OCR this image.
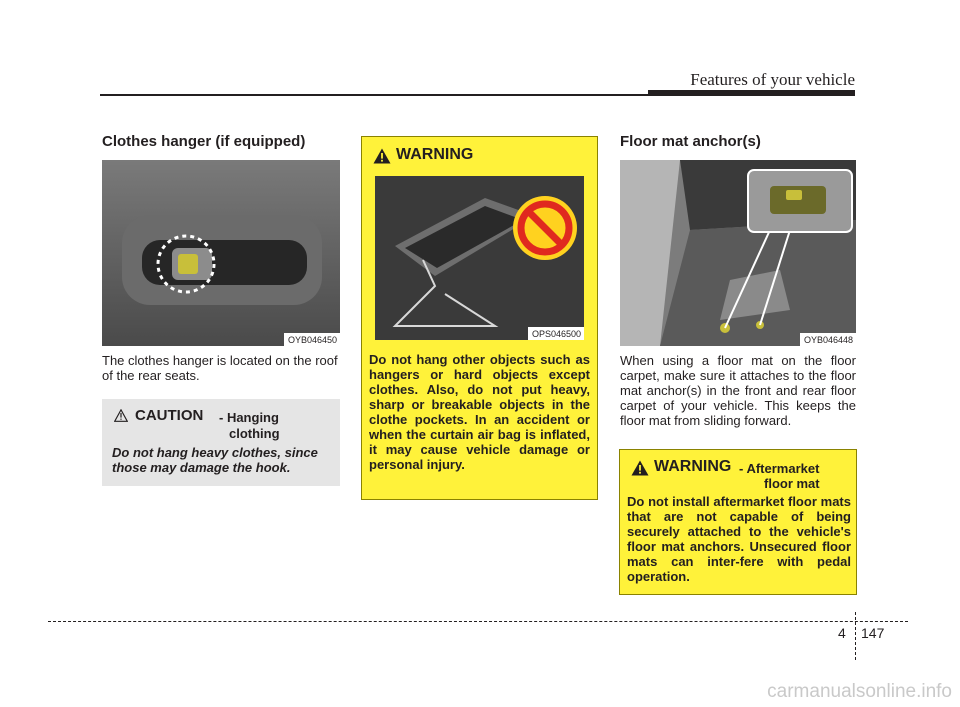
Features of your vehicle
Clothes hanger (if equipped)
OYB046450
The clothes hanger is located on the roof of the rear seats.
CAUTION - Hanging
clothing
Do not hang heavy clothes, since those may damage the hook.
WARNING
OPS046500
Do not hang other objects such as hangers or hard objects except clothes. Also, do not put heavy, sharp or breakable objects in the clothe pockets. In an accident or when the curtain air bag is inflated, it may cause vehicle damage or personal injury.
Floor mat anchor(s)
OYB046448
When using a floor mat on the floor carpet, make sure it attaches to the floor mat anchor(s) in the front and rear floor carpet of your vehicle. This keeps the floor mat from sliding forward.
WARNING - Aftermarket
floor mat
Do not install aftermarket floor mats that are not capable of being securely attached to the vehicle's floor mat anchors. Unsecured floor mats can inter-fere with pedal operation.
4 147
carmanualsonline.info
